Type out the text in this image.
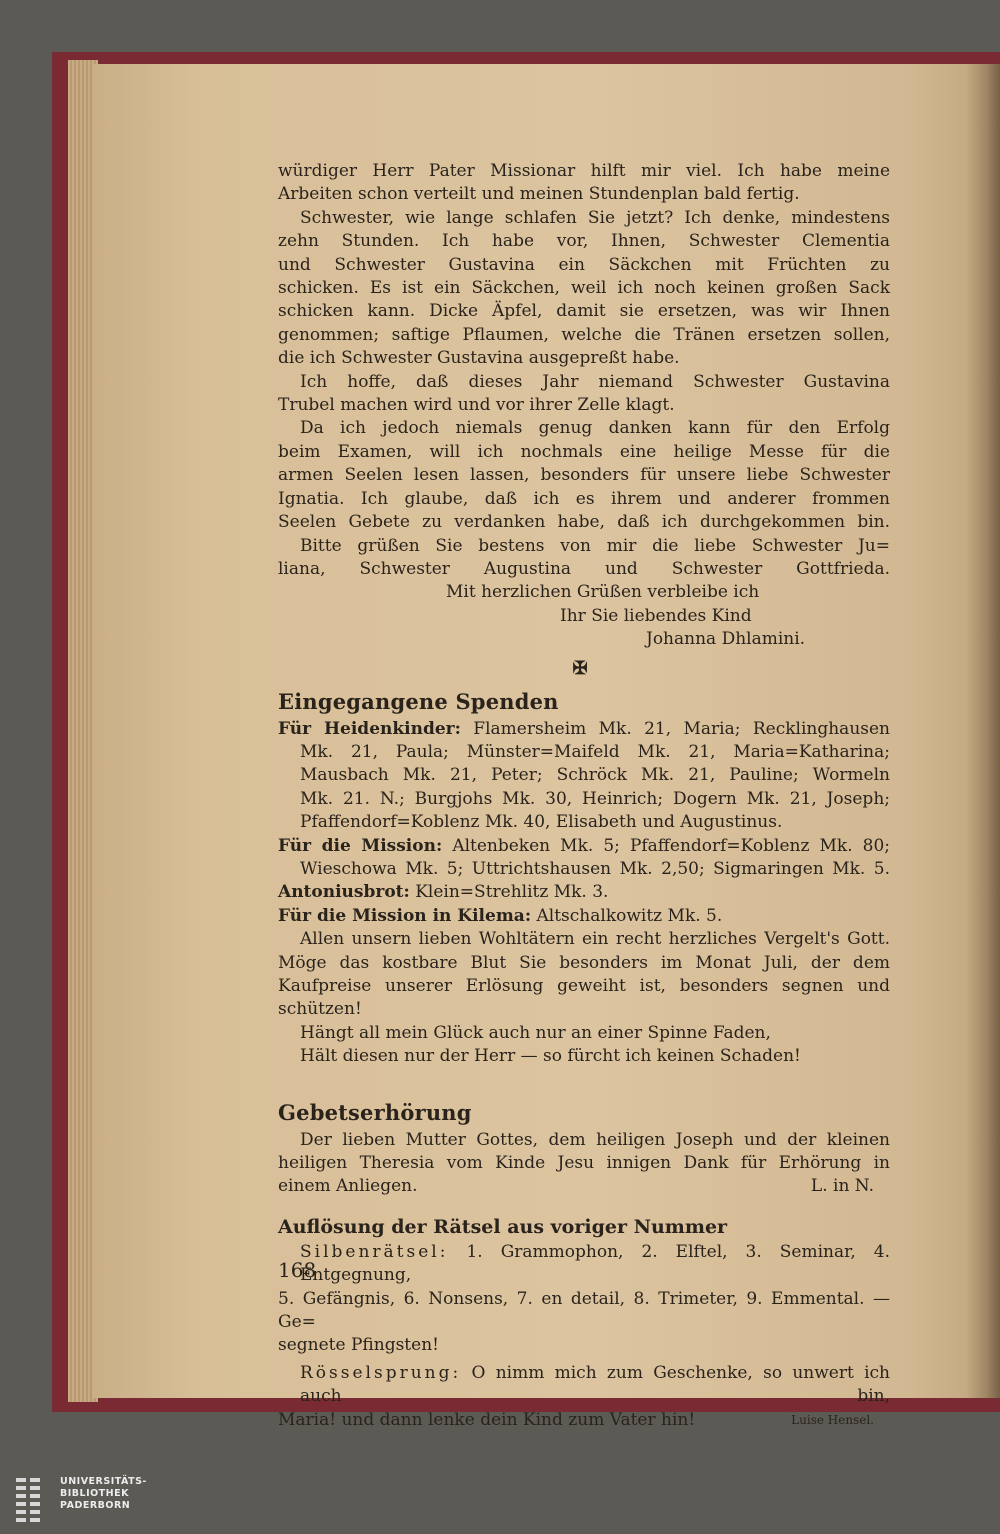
würdiger Herr Pater Missionar hilft mir viel. Ich habe meine
Arbeiten schon verteilt und meinen Stundenplan bald fertig.
Schwester, wie lange schlafen Sie jetzt? Ich denke, mindestens
zehn Stunden. Ich habe vor, Ihnen, Schwester Clementia
und Schwester Gustavina ein Säckchen mit Früchten zu
schicken. Es ist ein Säckchen, weil ich noch keinen großen Sack
schicken kann. Dicke Äpfel, damit sie ersetzen, was wir Ihnen
genommen; saftige Pflaumen, welche die Tränen ersetzen sollen,
die ich Schwester Gustavina ausgepreßt habe.
Ich hoffe, daß dieses Jahr niemand Schwester Gustavina
Trubel machen wird und vor ihrer Zelle klagt.
Da ich jedoch niemals genug danken kann für den Erfolg
beim Examen, will ich nochmals eine heilige Messe für die
armen Seelen lesen lassen, besonders für unsere liebe Schwester
Ignatia. Ich glaube, daß ich es ihrem und anderer frommen
Seelen Gebete zu verdanken habe, daß ich durchgekommen bin.
Bitte grüßen Sie bestens von mir die liebe Schwester Ju=
liana, Schwester Augustina und Schwester Gottfrieda.
Mit herzlichen Grüßen verbleibe ich
Ihr Sie liebendes Kind
Johanna Dhlamini.
✠
Eingegangene Spenden
Für Heidenkinder: Flamersheim Mk. 21, Maria; Recklinghausen
Mk. 21, Paula; Münster=Maifeld Mk. 21, Maria=Katharina;
Mausbach Mk. 21, Peter; Schröck Mk. 21, Pauline; Wormeln
Mk. 21. N.; Burgjohs Mk. 30, Heinrich; Dogern Mk. 21, Joseph;
Pfaffendorf=Koblenz Mk. 40, Elisabeth und Augustinus.
Für die Mission: Altenbeken Mk. 5; Pfaffendorf=Koblenz Mk. 80;
Wieschowa Mk. 5; Uttrichtshausen Mk. 2,50; Sigmaringen Mk. 5.
Antoniusbrot: Klein=Strehlitz Mk. 3.
Für die Mission in Kilema: Altschalkowitz Mk. 5.
Allen unsern lieben Wohltätern ein recht herzliches Vergelt's Gott.
Möge das kostbare Blut Sie besonders im Monat Juli, der dem
Kaufpreise unserer Erlösung geweiht ist, besonders segnen und schützen!
Hängt all mein Glück auch nur an einer Spinne Faden,
Hält diesen nur der Herr — so fürcht ich keinen Schaden!
Gebetserhörung
Der lieben Mutter Gottes, dem heiligen Joseph und der kleinen
heiligen Theresia vom Kinde Jesu innigen Dank für Erhörung in
einem Anliegen.	L. in N.
Auflösung der Rätsel aus voriger Nummer
Silbenrätsel: 1. Grammophon, 2. Elftel, 3. Seminar, 4. Entgegnung,
5. Gefängnis, 6. Nonsens, 7. en detail, 8. Trimeter, 9. Emmental. — Ge=
segnete Pfingsten!
Rösselsprung: O nimm mich zum Geschenke, so unwert ich auch bin,
Maria! und dann lenke dein Kind zum Vater hin!	Luise Hensel.
168
UNIVERSITÄTS-
BIBLIOTHEK
PADERBORN
